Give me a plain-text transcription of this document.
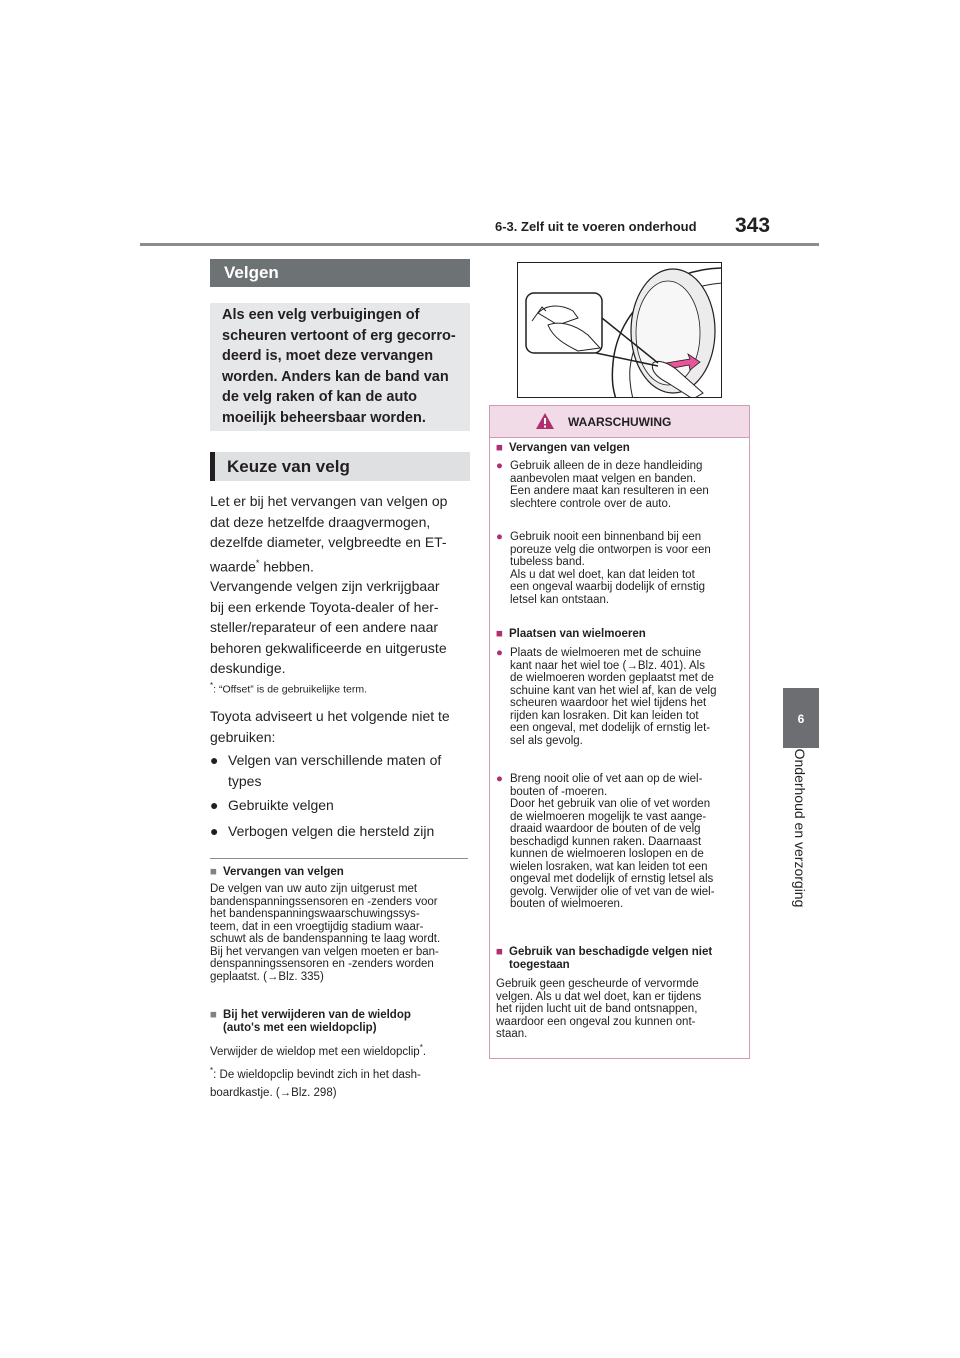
6-3. Zelf uit te voeren onderhoud 343
6
Onderhoud en verzorging
Velgen
Als een velg verbuigingen of
scheuren vertoont of erg gecorro-
deerd is, moet deze vervangen
worden. Anders kan de band van
de velg raken of kan de auto
moeilijk beheersbaar worden.
Keuze van velg
Let er bij het vervangen van velgen op
dat deze hetzelfde draagvermogen,
dezelfde diameter, velgbreedte en ET-
waarde* hebben.
Vervangende velgen zijn verkrijgbaar
bij een erkende Toyota-dealer of her-
steller/reparateur of een andere naar
behoren gekwalificeerde en uitgeruste
deskundige.
*: “Offset” is de gebruikelijke term.
Toyota adviseert u het volgende niet te
gebruiken:
● Velgen van verschillende maten of
types
● Gebruikte velgen
● Verbogen velgen die hersteld zijn
■ Vervangen van velgen
De velgen van uw auto zijn uitgerust met
bandenspanningssensoren en -zenders voor
het bandenspanningswaarschuwingssys-
teem, dat in een vroegtijdig stadium waar-
schuwt als de bandenspanning te laag wordt.
Bij het vervangen van velgen moeten er ban-
denspanningssensoren en -zenders worden
geplaatst. (→Blz. 335)
■ Bij het verwijderen van de wieldop
(auto's met een wieldopclip)
Verwijder de wieldop met een wieldopclip*.
*: De wieldopclip bevindt zich in het dash-
boardkastje. (→Blz. 298)
WAARSCHUWING
■ Vervangen van velgen
● Gebruik alleen de in deze handleiding
aanbevolen maat velgen en banden.
Een andere maat kan resulteren in een
slechtere controle over de auto.
● Gebruik nooit een binnenband bij een
poreuze velg die ontworpen is voor een
tubeless band.
Als u dat wel doet, kan dat leiden tot
een ongeval waarbij dodelijk of ernstig
letsel kan ontstaan.
■ Plaatsen van wielmoeren
● Plaats de wielmoeren met de schuine
kant naar het wiel toe (→Blz. 401). Als
de wielmoeren worden geplaatst met de
schuine kant van het wiel af, kan de velg
scheuren waardoor het wiel tijdens het
rijden kan losraken. Dit kan leiden tot
een ongeval, met dodelijk of ernstig let-
sel als gevolg.
● Breng nooit olie of vet aan op de wiel-
bouten of -moeren.
Door het gebruik van olie of vet worden
de wielmoeren mogelijk te vast aange-
draaid waardoor de bouten of de velg
beschadigd kunnen raken. Daarnaast
kunnen de wielmoeren loslopen en de
wielen losraken, wat kan leiden tot een
ongeval met dodelijk of ernstig letsel als
gevolg. Verwijder olie of vet van de wiel-
bouten of wielmoeren.
■ Gebruik van beschadigde velgen niet
toegestaan
Gebruik geen gescheurde of vervormde
velgen. Als u dat wel doet, kan er tijdens
het rijden lucht uit de band ontsnappen,
waardoor een ongeval zou kunnen ont-
staan.
